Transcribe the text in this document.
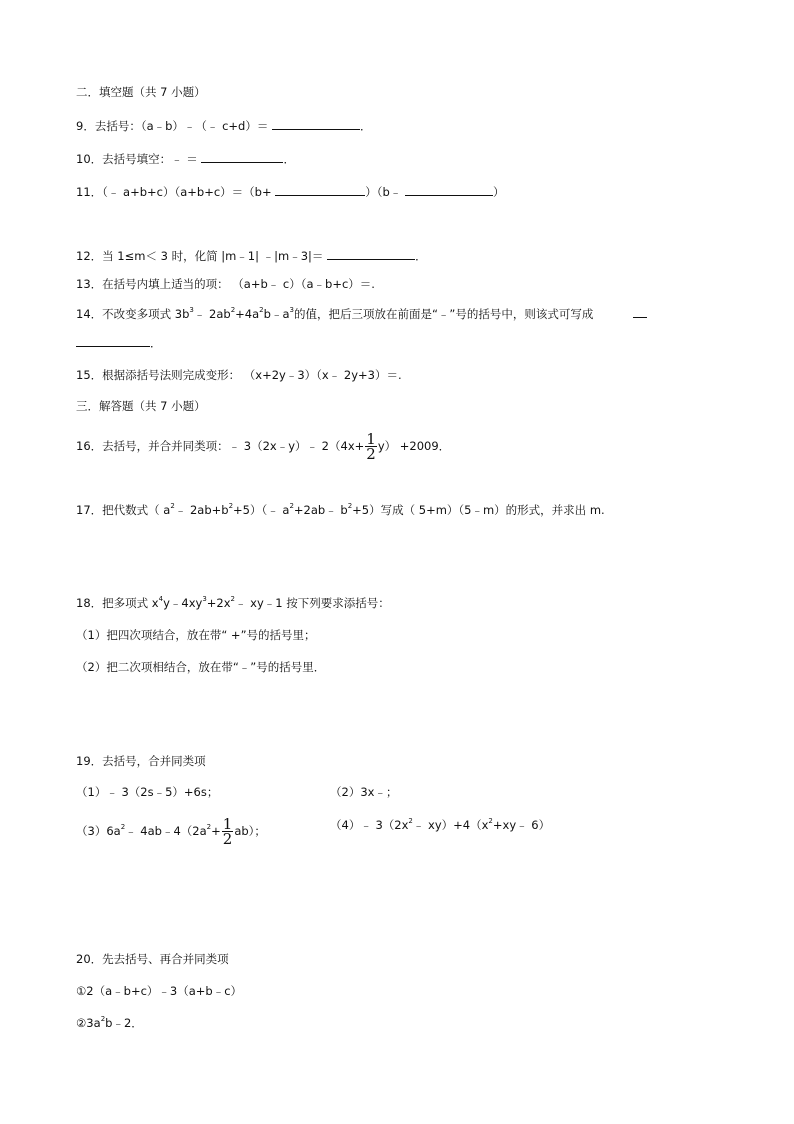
二．填空题（共 7 小题）
9．去括号：（a﹣b）﹣（﹣ c+d）＝	．
10．去括号填空：﹣ ＝	．
11．（﹣ a+b+c）（a+b+c）＝（b+	）（b﹣	）
12．当 1≤m＜ 3 时，化简 |m﹣1| ﹣|m﹣3|＝	．
13．在括号内填上适当的项： （a+b﹣ c）（a﹣b+c）＝.
14．不改变多项式 $3b^3﹣$ $2ab^2+4a^2b﹣a^3$的值，把后三项放在前面是“﹣”号的括号中，则该式可写成
．
15．根据添括号法则完成变形： （x+2y﹣3）（x﹣ 2y+3）＝.
三．解答题（共 7 小题）
16．去括号，并合并同类项：﹣ 3（2x﹣y）﹣ $2(4x+ \frac{1}{2} y) +2009$．
17．把代数式（ $a^2﹣$ $2ab+b^2+5)(﹣$ $a^2+2ab﹣$ $b^2+5$）写成（ 5+m）（5﹣m）的形式，并求出 m.
18．把多项式 $x^4y﹣4xy^3+2x^2﹣$ xy﹣1 按下列要求添括号：
（1）把四次项结合，放在带“ +”号的括号里；
（2）把二次项相结合，放在带“﹣”号的括号里．
19．去括号，合并同类项
（1）﹣ 3（2s﹣5）+6s；	（2）3x﹣；
$(3)6a^2﹣$ $4ab﹣4(2a^2+ \frac{1}{2} ab)$；	（4）﹣ $3(2x^2﹣$ $xy)+4(x^2+xy﹣$ 6）
20．先去括号、再合并同类项
①2（a﹣b+c）﹣3（a+b﹣c）
$②3a^2b﹣2$．
